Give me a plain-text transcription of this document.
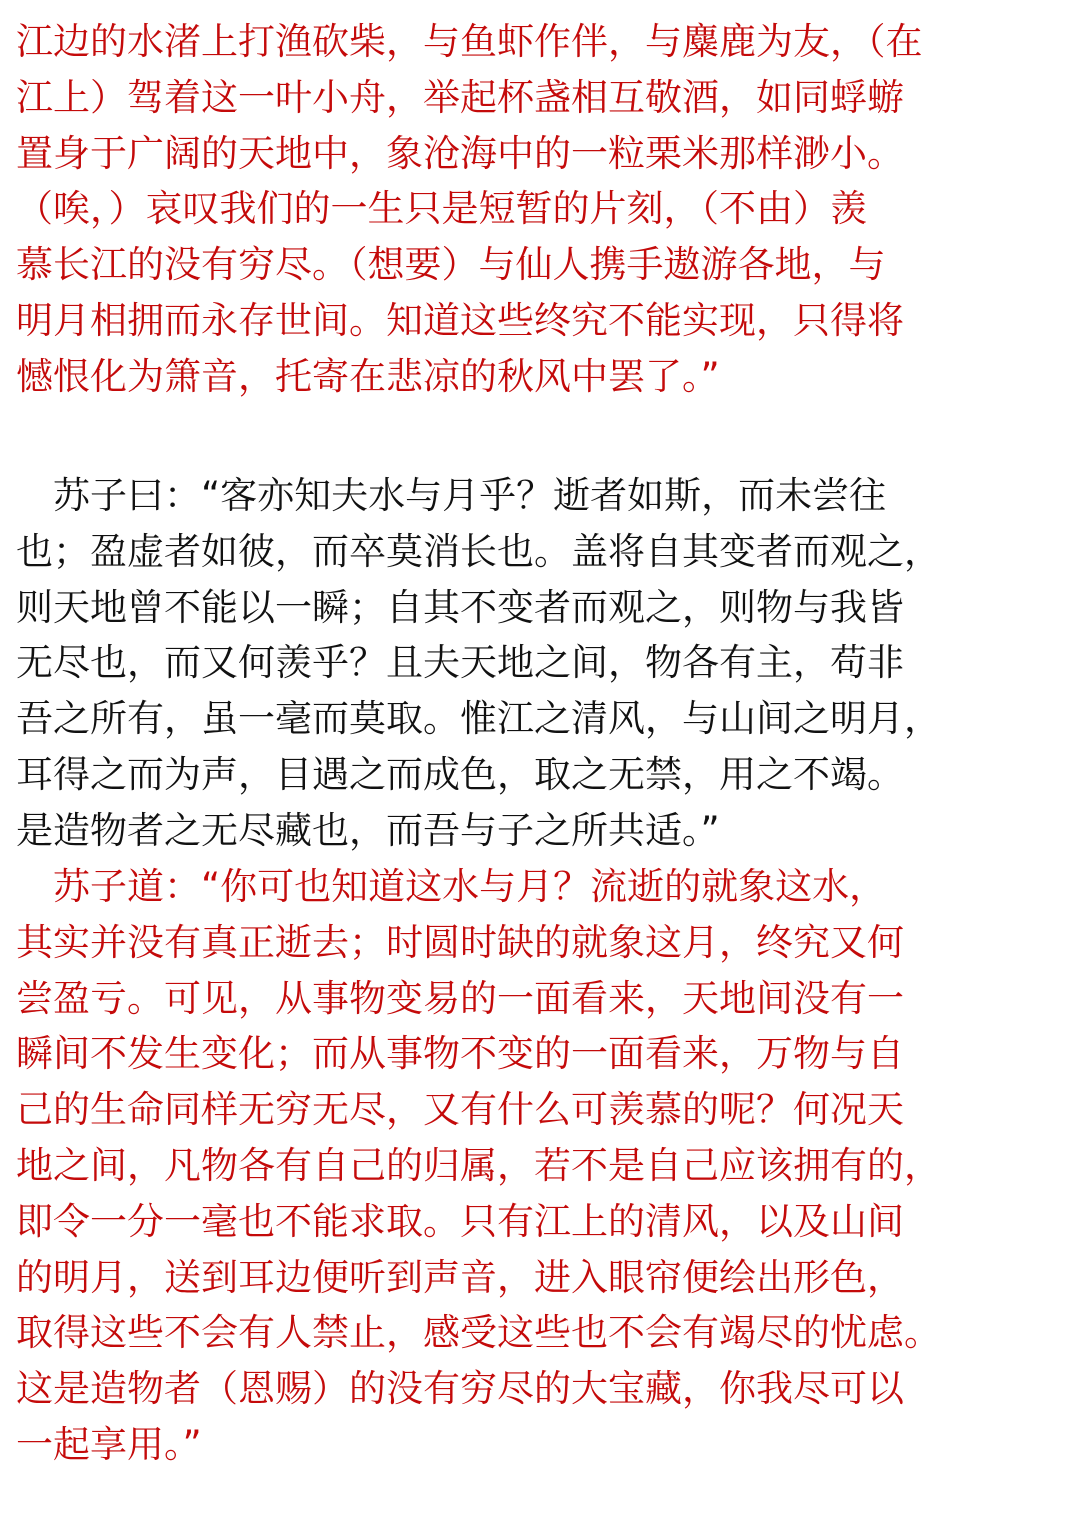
江边的水渚上打渔砍柴，与鱼虾作伴，与麋鹿为友，（在
江上）驾着这一叶小舟，举起杯盏相互敬酒，如同蜉蝣
置身于广阔的天地中，象沧海中的一粒栗米那样渺小。
（唉，）哀叹我们的一生只是短暂的片刻，（不由）羡
慕长江的没有穷尽。（想要）与仙人携手遨游各地，与
明月相拥而永存世间。知道这些终究不能实现，只得将
憾恨化为箫音，托寄在悲凉的秋风中罢了。”

　苏子曰：“客亦知夫水与月乎？逝者如斯，而未尝往
也；盈虚者如彼，而卒莫消长也。盖将自其变者而观之，
则天地曾不能以一瞬；自其不变者而观之，则物与我皆
无尽也，而又何羡乎？且夫天地之间，物各有主，苟非
吾之所有，虽一毫而莫取。惟江之清风，与山间之明月，
耳得之而为声，目遇之而成色，取之无禁，用之不竭。
是造物者之无尽藏也，而吾与子之所共适。”

　苏子道：“你可也知道这水与月？流逝的就象这水，
其实并没有真正逝去；时圆时缺的就象这月，终究又何
尝盈亏。可见，从事物变易的一面看来，天地间没有一
瞬间不发生变化；而从事物不变的一面看来，万物与自
己的生命同样无穷无尽，又有什么可羡慕的呢？何况天
地之间，凡物各有自己的归属，若不是自己应该拥有的，
即令一分一毫也不能求取。只有江上的清风，以及山间
的明月，送到耳边便听到声音，进入眼帘便绘出形色，
取得这些不会有人禁止，感受这些也不会有竭尽的忧虑。
这是造物者（恩赐）的没有穷尽的大宝藏，你我尽可以
一起享用。”
